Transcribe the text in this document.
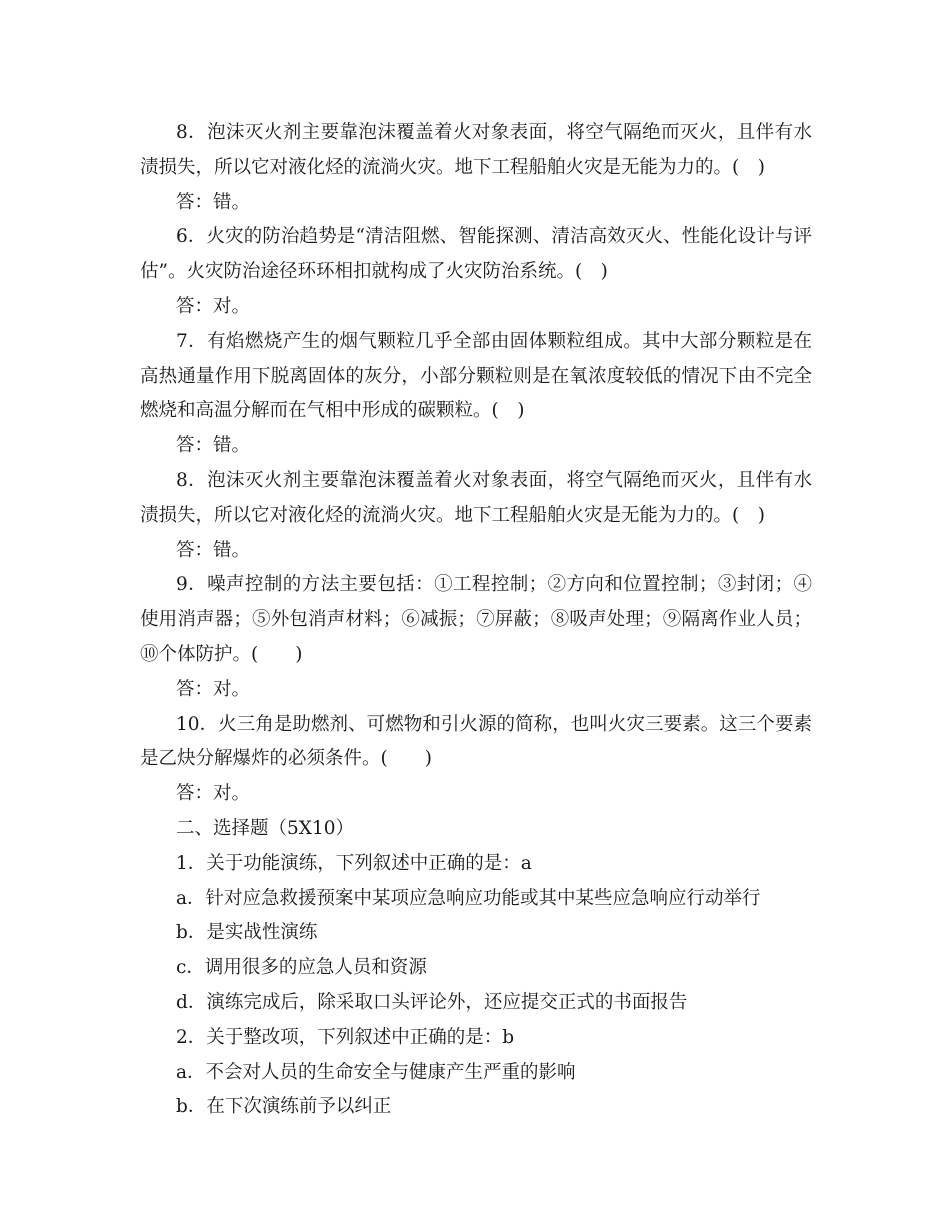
8．泡沫灭火剂主要靠泡沫覆盖着火对象表面，将空气隔绝而灭火，且伴有水渍损失，所以它对液化烃的流淌火灾。地下工程船舶火灾是无能为力的。(　)

答：错。

6．火灾的防治趋势是“清洁阻燃、智能探测、清洁高效灭火、性能化设计与评估”。火灾防治途径环环相扣就构成了火灾防治系统。(　)

答：对。

7．有焰燃烧产生的烟气颗粒几乎全部由固体颗粒组成。其中大部分颗粒是在高热通量作用下脱离固体的灰分，小部分颗粒则是在氧浓度较低的情况下由不完全燃烧和高温分解而在气相中形成的碳颗粒。(　)

答：错。

8．泡沫灭火剂主要靠泡沫覆盖着火对象表面，将空气隔绝而灭火，且伴有水渍损失，所以它对液化烃的流淌火灾。地下工程船舶火灾是无能为力的。(　)

答：错。

9．噪声控制的方法主要包括：①工程控制；②方向和位置控制；③封闭；④使用消声器；⑤外包消声材料；⑥减振；⑦屏蔽；⑧吸声处理；⑨隔离作业人员；⑩个体防护。(　　)

答：对。

10．火三角是助燃剂、可燃物和引火源的简称，也叫火灾三要素。这三个要素是乙炔分解爆炸的必须条件。(　　)

答：对。

二、选择题（5X10）

1．关于功能演练，下列叙述中正确的是：a

a．针对应急救援预案中某项应急响应功能或其中某些应急响应行动举行

b．是实战性演练

c．调用很多的应急人员和资源

d．演练完成后，除采取口头评论外，还应提交正式的书面报告

2．关于整改项，下列叙述中正确的是：b

a．不会对人员的生命安全与健康产生严重的影响

b．在下次演练前予以纠正
